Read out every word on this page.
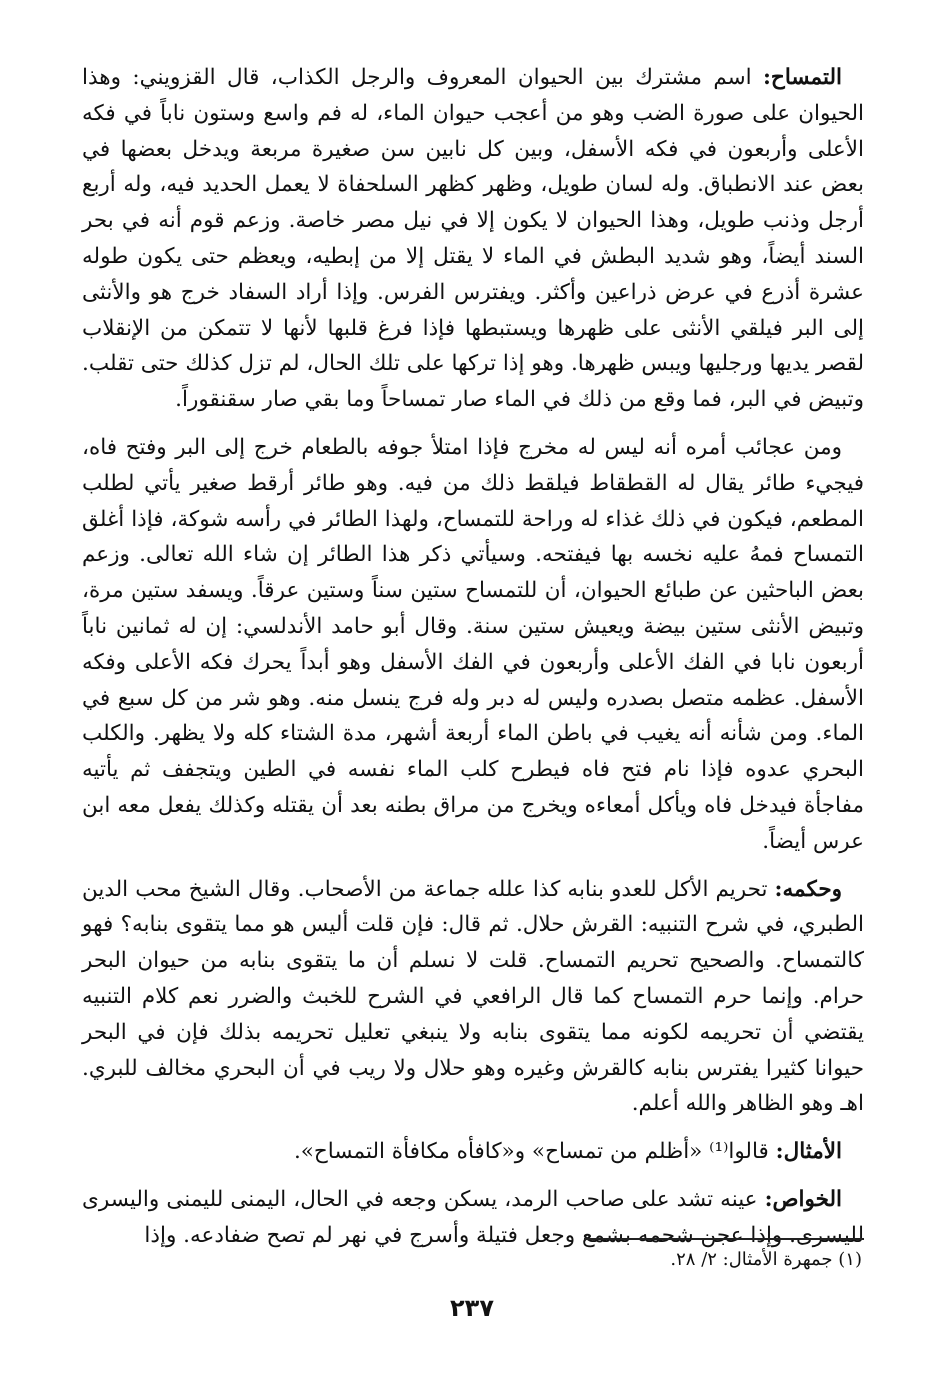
التمساح: اسم مشترك بين الحيوان المعروف والرجل الكذاب، قال القزويني: وهذا الحيوان على صورة الضب وهو من أعجب حيوان الماء، له فم واسع وستون ناباً في فكه الأعلى وأربعون في فكه الأسفل، وبين كل نابين سن صغيرة مربعة ويدخل بعضها في بعض عند الانطباق. وله لسان طويل، وظهر كظهر السلحفاة لا يعمل الحديد فيه، وله أربع أرجل وذنب طويل، وهذا الحيوان لا يكون إلا في نيل مصر خاصة. وزعم قوم أنه في بحر السند أيضاً، وهو شديد البطش في الماء لا يقتل إلا من إبطيه، ويعظم حتى يكون طوله عشرة أذرع في عرض ذراعين وأكثر. ويفترس الفرس. وإذا أراد السفاد خرج هو والأنثى إلى البر فيلقي الأنثى على ظهرها ويستبطها فإذا فرغ قلبها لأنها لا تتمكن من الإنقلاب لقصر يديها ورجليها ويبس ظهرها. وهو إذا تركها على تلك الحال، لم تزل كذلك حتى تقلب. وتبيض في البر، فما وقع من ذلك في الماء صار تمساحاً وما بقي صار سقنقوراً.

ومن عجائب أمره أنه ليس له مخرج فإذا امتلأ جوفه بالطعام خرج إلى البر وفتح فاه، فيجيء طائر يقال له القطقاط فيلقط ذلك من فيه. وهو طائر أرقط صغير يأتي لطلب المطعم، فيكون في ذلك غذاء له وراحة للتمساح، ولهذا الطائر في رأسه شوكة، فإذا أغلق التمساح فمهُ عليه نخسه بها فيفتحه. وسيأتي ذكر هذا الطائر إن شاء الله تعالى. وزعم بعض الباحثين عن طبائع الحيوان، أن للتمساح ستين سناً وستين عرقاً. ويسفد ستين مرة، وتبيض الأنثى ستين بيضة ويعيش ستين سنة. وقال أبو حامد الأندلسي: إن له ثمانين ناباً أربعون نابا في الفك الأعلى وأربعون في الفك الأسفل وهو أبداً يحرك فكه الأعلى وفكه الأسفل. عظمه متصل بصدره وليس له دبر وله فرج ينسل منه. وهو شر من كل سبع في الماء. ومن شأنه أنه يغيب في باطن الماء أربعة أشهر، مدة الشتاء كله ولا يظهر. والكلب البحري عدوه فإذا نام فتح فاه فيطرح كلب الماء نفسه في الطين ويتجفف ثم يأتيه مفاجأة فيدخل فاه ويأكل أمعاءه ويخرج من مراق بطنه بعد أن يقتله وكذلك يفعل معه ابن عرس أيضاً.

وحكمه: تحريم الأكل للعدو بنابه كذا علله جماعة من الأصحاب. وقال الشيخ محب الدين الطبري، في شرح التنبيه: القرش حلال. ثم قال: فإن قلت أليس هو مما يتقوى بنابه؟ فهو كالتمساح. والصحيح تحريم التمساح. قلت لا نسلم أن ما يتقوى بنابه من حيوان البحر حرام. وإنما حرم التمساح كما قال الرافعي في الشرح للخبث والضرر نعم كلام التنبيه يقتضي أن تحريمه لكونه مما يتقوى بنابه ولا ينبغي تعليل تحريمه بذلك فإن في البحر حيوانا كثيرا يفترس بنابه كالقرش وغيره وهو حلال ولا ريب في أن البحري مخالف للبري. اهـ وهو الظاهر والله أعلم.

الأمثال: قالوا⁽¹⁾ «أظلم من تمساح» و«كافأه مكافأة التمساح».

الخواص: عينه تشد على صاحب الرمد، يسكن وجعه في الحال، اليمنى لليمنى واليسرى لليسرى. وإذا عجن شحمه بشمع وجعل فتيلة وأسرج في نهر لم تصح ضفادعه. وإذا

(١) جمهرة الأمثال: ٢/ ٢٨.
٢٣٧
